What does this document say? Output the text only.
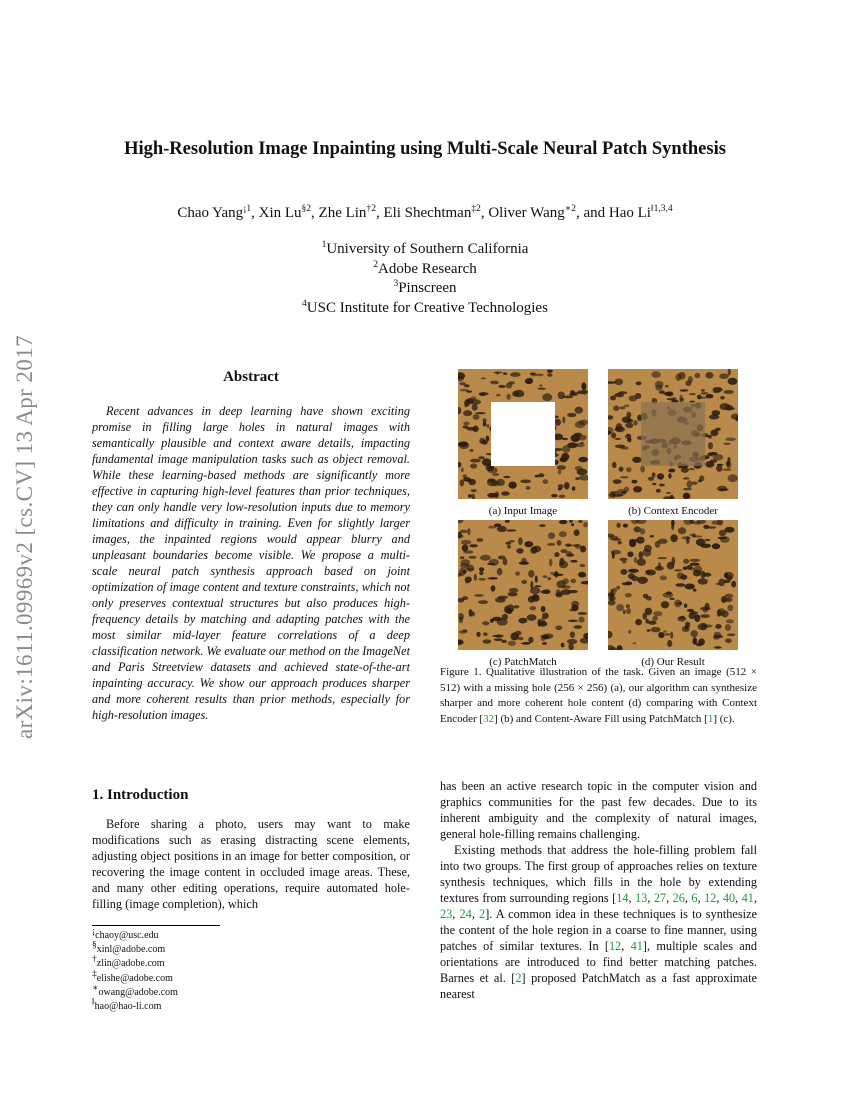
arXiv:1611.09969v2 [cs.CV] 13 Apr 2017
High-Resolution Image Inpainting using Multi-Scale Neural Patch Synthesis
Chao Yang$^{¡1}$, Xin Lu$^{\S 2}$, Zhe Lin$^{\dagger 2}$, Eli Shechtman$^{\ddagger 2}$, Oliver Wang$^{∗2}$, and Hao $Li^{‖1,3,4}$
$^1$University of Southern California
$^2$Adobe Research
$^3$Pinscreen
$^4$USC Institute for Creative Technologies
Abstract
Recent advances in deep learning have shown exciting promise in filling large holes in natural images with semantically plausible and context aware details, impacting fundamental image manipulation tasks such as object removal. While these learning-based methods are significantly more effective in capturing high-level features than prior techniques, they can only handle very low-resolution inputs due to memory limitations and difficulty in training. Even for slightly larger images, the inpainted regions would appear blurry and unpleasant boundaries become visible. We propose a multi-scale neural patch synthesis approach based on joint optimization of image content and texture constraints, which not only preserves contextual structures but also produces high-frequency details by matching and adapting patches with the most similar mid-layer feature correlations of a deep classification network. We evaluate our method on the ImageNet and Paris Streetview datasets and achieved state-of-the-art inpainting accuracy. We show our approach produces sharper and more coherent results than prior methods, especially for high-resolution images.
1. Introduction
Before sharing a photo, users may want to make modifications such as erasing distracting scene elements, adjusting object positions in an image for better composition, or recovering the image content in occluded image areas. These, and many other editing operations, require automated hole-filling (image completion), which
¡chaoy@usc.edu
§xinl@adobe.com
†zlin@adobe.com
‡elishe@adobe.com
∗owang@adobe.com
‖hao@hao-li.com
(a) Input Image	(b) Context Encoder
(c) PatchMatch	(d) Our Result
Figure 1. Qualitative illustration of the task. Given an image (512 × 512) with a missing hole (256 × 256) (a), our algorithm can synthesize sharper and more coherent hole content (d) comparing with Context Encoder [32] (b) and Content-Aware Fill using PatchMatch [1] (c).
has been an active research topic in the computer vision and graphics communities for the past few decades. Due to its inherent ambiguity and the complexity of natural images, general hole-filling remains challenging.
Existing methods that address the hole-filling problem fall into two groups. The first group of approaches relies on texture synthesis techniques, which fills in the hole by extending textures from surrounding regions [14, 13, 27, 26, 6, 12, 40, 41, 23, 24, 2]. A common idea in these techniques is to synthesize the content of the hole region in a coarse to fine manner, using patches of similar textures. In [12, 41], multiple scales and orientations are introduced to find better matching patches. Barnes et al. [2] proposed PatchMatch as a fast approximate nearest
